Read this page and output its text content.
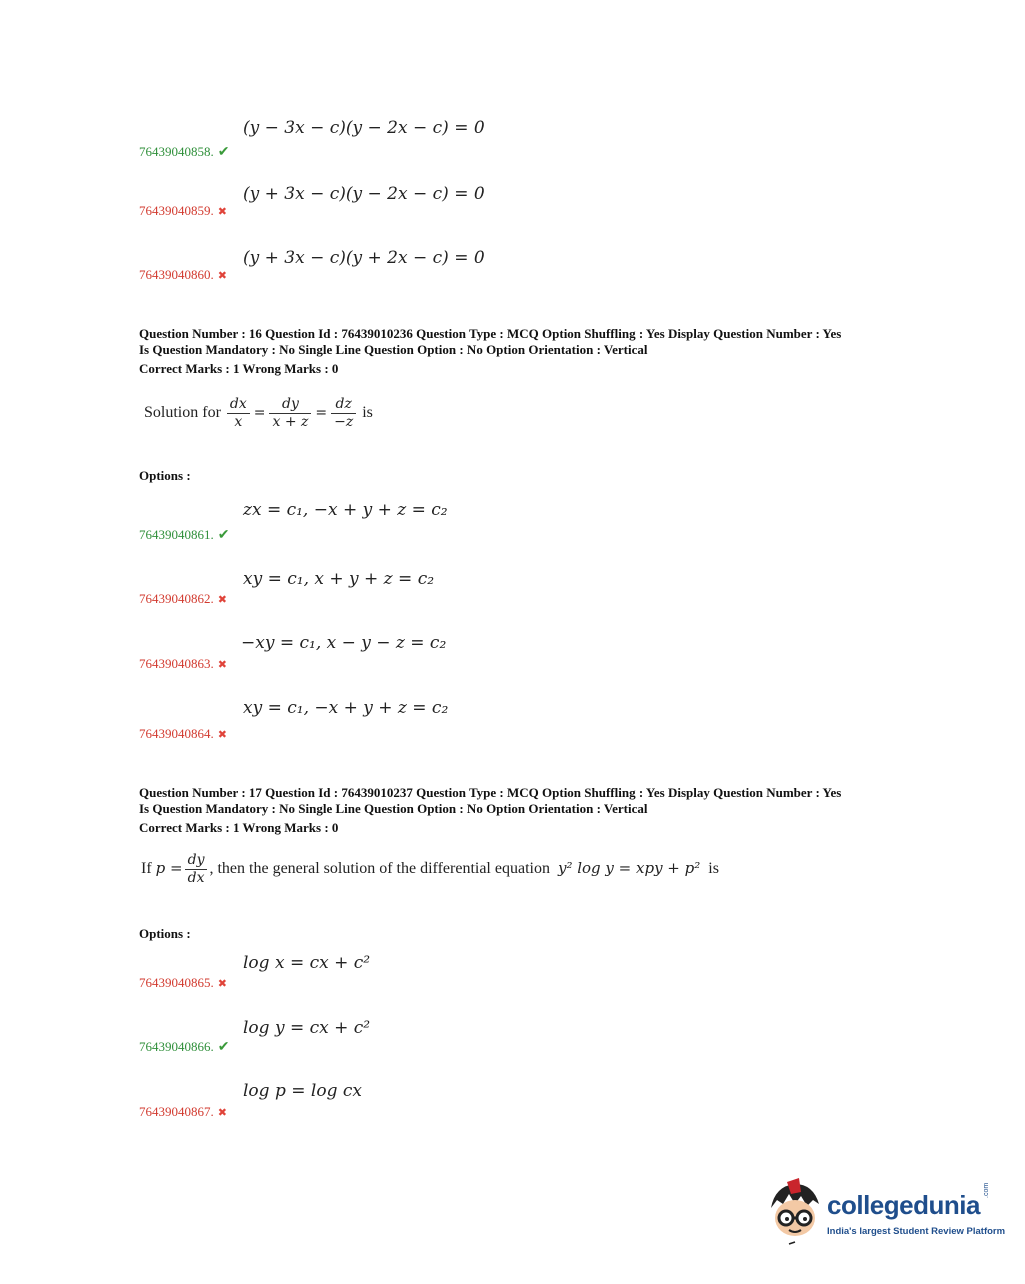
(y − 3x − c)(y − 2x − c) = 0
76439040858. ✔
(y + 3x − c)(y − 2x − c) = 0
76439040859. ✖
(y + 3x − c)(y + 2x − c) = 0
76439040860. ✖
Question Number : 16 Question Id : 76439010236 Question Type : MCQ Option Shuffling : Yes Display Question Number : Yes
Is Question Mandatory : No Single Line Question Option : No Option Orientation : Vertical
Correct Marks : 1 Wrong Marks : 0
Solution for $\frac{dx}{x} = \frac{dy}{x + z} = \frac{dz}{-z}$ is
Options :
zx = c₁, −x + y + z = c₂
76439040861. ✔
xy = c₁, x + y + z = c₂
76439040862. ✖
−xy = c₁, x − y − z = c₂
76439040863. ✖
xy = c₁, −x + y + z = c₂
76439040864. ✖
Question Number : 17 Question Id : 76439010237 Question Type : MCQ Option Shuffling : Yes Display Question Number : Yes
Is Question Mandatory : No Single Line Question Option : No Option Orientation : Vertical
Correct Marks : 1 Wrong Marks : 0
If $p = \frac{dy}{dx}$ , then the general solution of the differential equation y² log y = xpy + p² is
Options :
log x = cx + c²
76439040865. ✖
log y = cx + c²
76439040866. ✔
log p = log cx
76439040867. ✖
collegedunia .com
India's largest Student Review Platform
